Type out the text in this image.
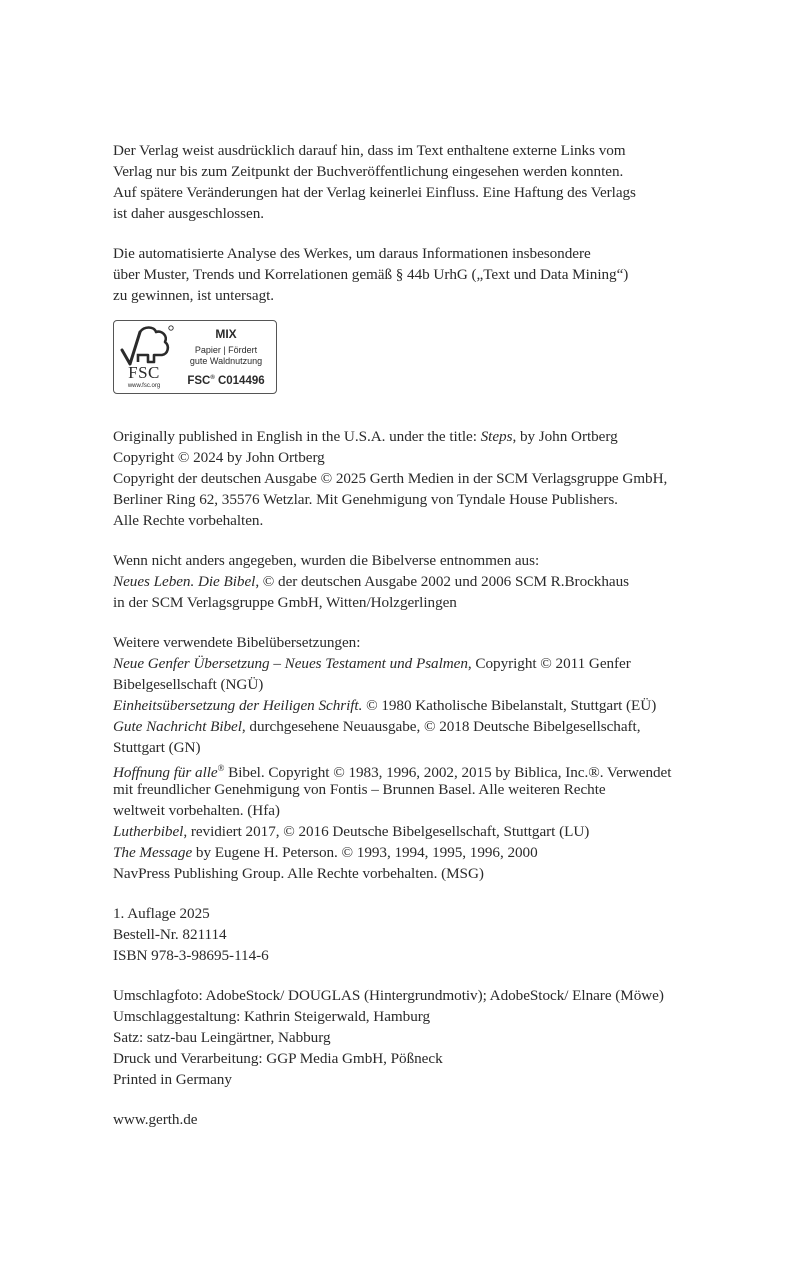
Der Verlag weist ausdrücklich darauf hin, dass im Text enthaltene externe Links vom
Verlag nur bis zum Zeitpunkt der Buchveröffentlichung eingesehen werden konnten.
Auf spätere Veränderungen hat der Verlag keinerlei Einfluss. Eine Haftung des Verlags
ist daher ausgeschlossen.
Die automatisierte Analyse des Werkes, um daraus Informationen insbesondere
über Muster, Trends und Korrelationen gemäß § 44b UrhG („Text und Data Mining“)
zu gewinnen, ist untersagt.
FSC
www.fsc.org
MIX
Papier | Fördert
gute Waldnutzung
FSC® C014496
Originally published in English in the U.S.A. under the title: Steps, by John Ortberg
Copyright © 2024 by John Ortberg
Copyright der deutschen Ausgabe © 2025 Gerth Medien in der SCM Verlagsgruppe GmbH,
Berliner Ring 62, 35576 Wetzlar. Mit Genehmigung von Tyndale House Publishers.
Alle Rechte vorbehalten.
Wenn nicht anders angegeben, wurden die Bibelverse entnommen aus:
Neues Leben. Die Bibel, © der deutschen Ausgabe 2002 und 2006 SCM R.Brockhaus
in der SCM Verlagsgruppe GmbH, Witten/Holzgerlingen
Weitere verwendete Bibelübersetzungen:
Neue Genfer Übersetzung – Neues Testament und Psalmen, Copyright © 2011 Genfer
Bibelgesellschaft (NGÜ)
Einheitsübersetzung der Heiligen Schrift. © 1980 Katholische Bibelanstalt, Stuttgart (EÜ)
Gute Nachricht Bibel, durchgesehene Neuausgabe, © 2018 Deutsche Bibelgesellschaft,
Stuttgart (GN)
Hoffnung für alle® Bibel. Copyright © 1983, 1996, 2002, 2015 by Biblica, Inc.®. Verwendet
mit freundlicher Genehmigung von Fontis – Brunnen Basel. Alle weiteren Rechte
weltweit vorbehalten. (Hfa)
Lutherbibel, revidiert 2017, © 2016 Deutsche Bibelgesellschaft, Stuttgart (LU)
The Message by Eugene H. Peterson. © 1993, 1994, 1995, 1996, 2000
NavPress Publishing Group. Alle Rechte vorbehalten. (MSG)
1. Auflage 2025
Bestell-Nr. 821114
ISBN 978-3-98695-114-6
Umschlagfoto: AdobeStock/ DOUGLAS (Hintergrundmotiv); AdobeStock/ Elnare (Möwe)
Umschlaggestaltung: Kathrin Steigerwald, Hamburg
Satz: satz-bau Leingärtner, Nabburg
Druck und Verarbeitung: GGP Media GmbH, Pößneck
Printed in Germany
www.gerth.de
